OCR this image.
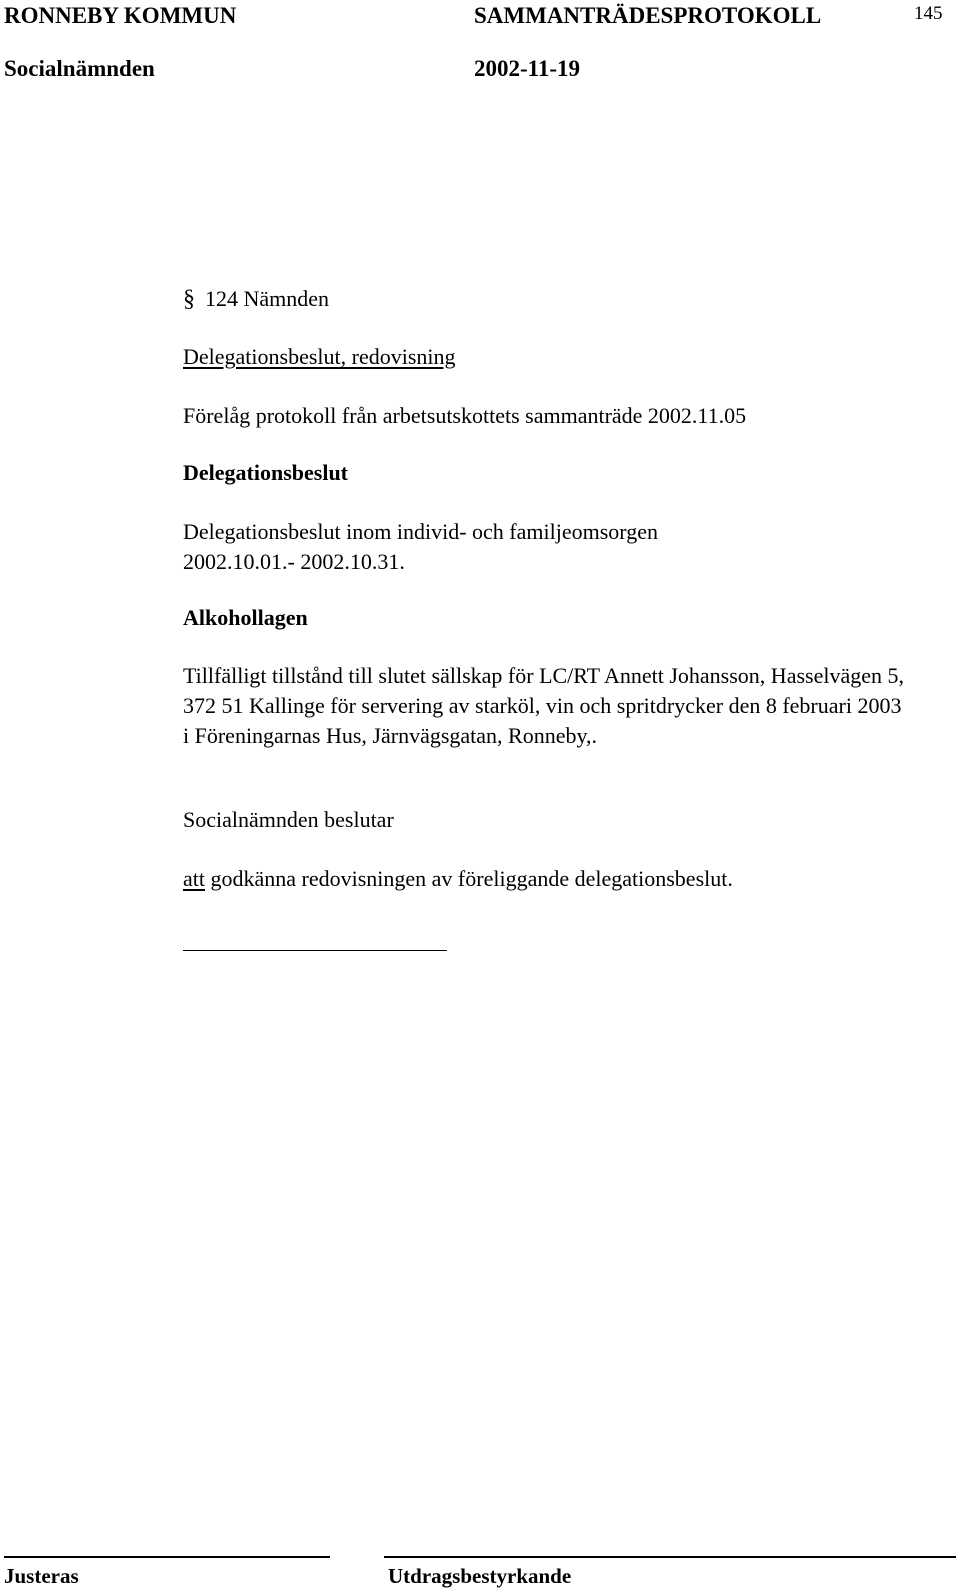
RONNEBY KOMMUN	SAMMANTRÄDESPROTOKOLL	145
Socialnämnden	2002-11-19
§ 124 Nämnden
Delegationsbeslut, redovisning
Förelåg protokoll från arbetsutskottets sammanträde 2002.11.05
Delegationsbeslut
Delegationsbeslut inom individ- och familjeomsorgen 2002.10.01.- 2002.10.31.
Alkohollagen
Tillfälligt tillstånd till slutet sällskap för LC/RT Annett Johansson, Hasselvägen 5, 372 51 Kallinge för servering av starköl, vin och spritdrycker den 8 februari 2003 i Föreningarnas Hus, Järnvägsgatan, Ronneby,.
Socialnämnden beslutar
att godkänna redovisningen av föreliggande delegationsbeslut.
Justeras	Utdragsbestyrkande
